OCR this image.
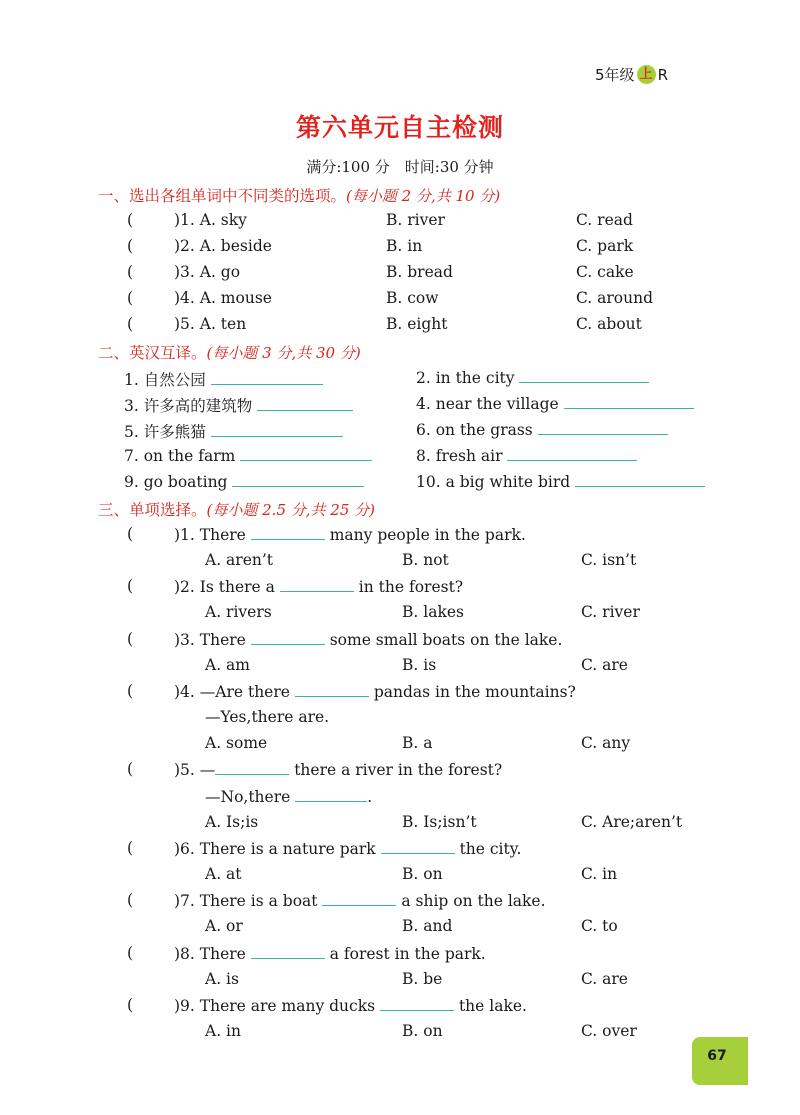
5年级 上 R
第六单元自主检测
满分:100 分　时间:30 分钟
一、选出各组单词中不同类的选项。(每小题 2 分,共 10 分)
(	)1. A. sky	B. river	C. read
(	)2. A. beside	B. in	C. park
(	)3. A. go	B. bread	C. cake
(	)4. A. mouse	B. cow	C. around
(	)5. A. ten	B. eight	C. about
二、英汉互译。(每小题 3 分,共 30 分)
1. 自然公园	2. in the city
3. 许多高的建筑物	4. near the village
5. 许多熊猫	6. on the grass
7. on the farm	8. fresh air
9. go boating	10. a big white bird
三、单项选择。(每小题 2.5 分,共 25 分)
(	)1. There	many people in the park.
A. aren’t	B. not	C. isn’t
(	)2. Is there a	in the forest?
A. rivers	B. lakes	C. river
(	)3. There	some small boats on the lake.
A. am	B. is	C. are
(	)4. —Are there	pandas in the mountains?
—Yes,there are.
A. some	B. a	C. any
(	)5. —	there a river in the forest?
—No,there	.
A. Is;is	B. Is;isn’t	C. Are;aren’t
(	)6. There is a nature park	the city.
A. at	B. on	C. in
(	)7. There is a boat	a ship on the lake.
A. or	B. and	C. to
(	)8. There	a forest in the park.
A. is	B. be	C. are
(	)9. There are many ducks	the lake.
A. in	B. on	C. over
67
